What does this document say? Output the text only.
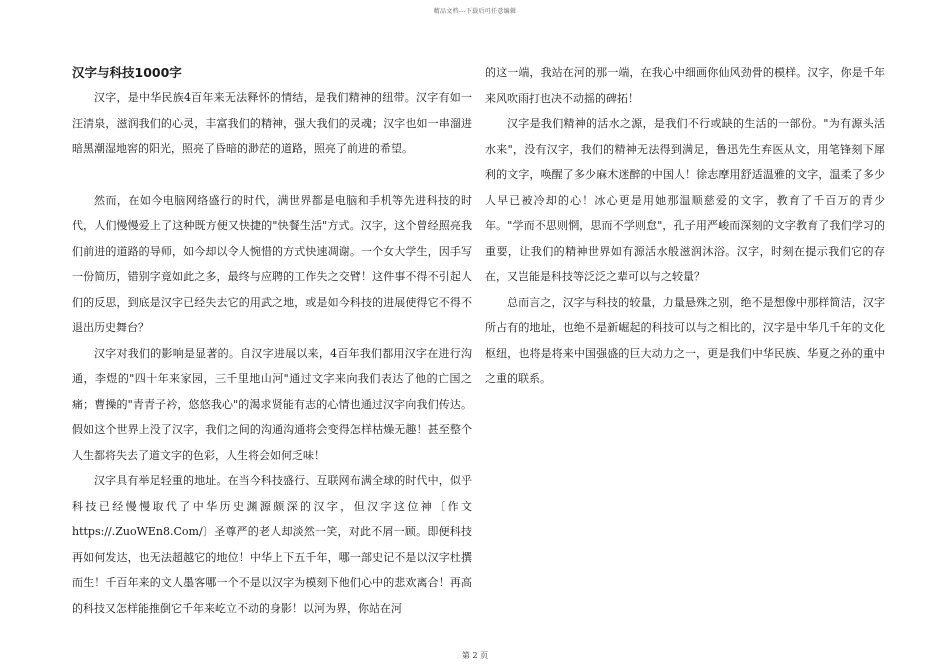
精品文档---下载后可任意编辑
汉字与科技1000字

汉字，是中华民族4百年来无法释怀的情结，是我们精神的纽带。汉字有如一汪清泉，滋润我们的心灵，丰富我们的精神，强大我们的灵魂；汉字也如一串溜进暗黑潮湿地窖的阳光，照亮了昏暗的渺茫的道路，照亮了前进的希望。

然而，在如今电脑网络盛行的时代，满世界都是电脑和手机等先进科技的时代，人们慢慢爱上了这种既方便又快捷的"快餐生活"方式。汉字，这个曾经照亮我们前进的道路的导师，如今却以令人惋惜的方式快速凋谢。一个女大学生，因手写一份简历，错别字竟如此之多，最终与应聘的工作失之交臂！这件事不得不引起人们的反思，到底是汉字已经失去它的用武之地，或是如今科技的进展使得它不得不退出历史舞台？

汉字对我们的影响是显著的。自汉字进展以来，4百年我们都用汉字在进行沟通，李煜的"四十年来家园，三千里地山河"通过文字来向我们表达了他的亡国之痛；曹操的"青青子衿，悠悠我心"的渴求贤能有志的心情也通过汉字向我们传达。假如这个世界上没了汉字，我们之间的沟通沟通将会变得怎样枯燥无趣！甚至整个人生都将失去了道文字的色彩，人生将会如何乏味！

汉字具有举足轻重的地址。在当今科技盛行、互联网布满全球的时代中，似乎科技已经慢慢取代了中华历史渊源颇深的汉字，但汉字这位神〔作文https://.ZuoWEn8.Com/〕圣尊严的老人却淡然一笑，对此不屑一顾。即便科技再如何发达，也无法超越它的地位！中华上下五千年，哪一部史记不是以汉字杜撰而生！千百年来的文人墨客哪一个不是以汉字为模刻下他们心中的悲欢离合！再高的科技又怎样能推倒它千年来屹立不动的身影！以河为界，你站在河

的这一端，我站在河的那一端，在我心中细画你仙风劲骨的模样。汉字，你是千年来风吹雨打也决不动摇的碑拓！

汉字是我们精神的活水之源，是我们不行或缺的生活的一部份。"为有源头活水来"，没有汉字，我们的精神无法得到满足，鲁迅先生弃医从文，用笔锋刻下犀利的文字，唤醒了多少麻木迷醉的中国人！徐志摩用舒适温雅的文字，温柔了多少人早已被冷却的心！冰心更是用她那温顺慈爱的文字，教育了千百万的青少年。"学而不思则惘，思而不学则怠"，孔子用严峻而深刻的文字教育了我们学习的重要，让我们的精神世界如有源活水般滋润沐浴。汉字，时刻在提示我们它的存在，又岂能是科技等泛泛之辈可以与之较量？

总而言之，汉字与科技的较量，力量悬殊之别，绝不是想像中那样简洁，汉字所占有的地址，也绝不是新崛起的科技可以与之相比的，汉字是中华几千年的文化枢纽，也将是将来中国强盛的巨大动力之一，更是我们中华民族、华夏之孙的重中之重的联系。

第 2 页
